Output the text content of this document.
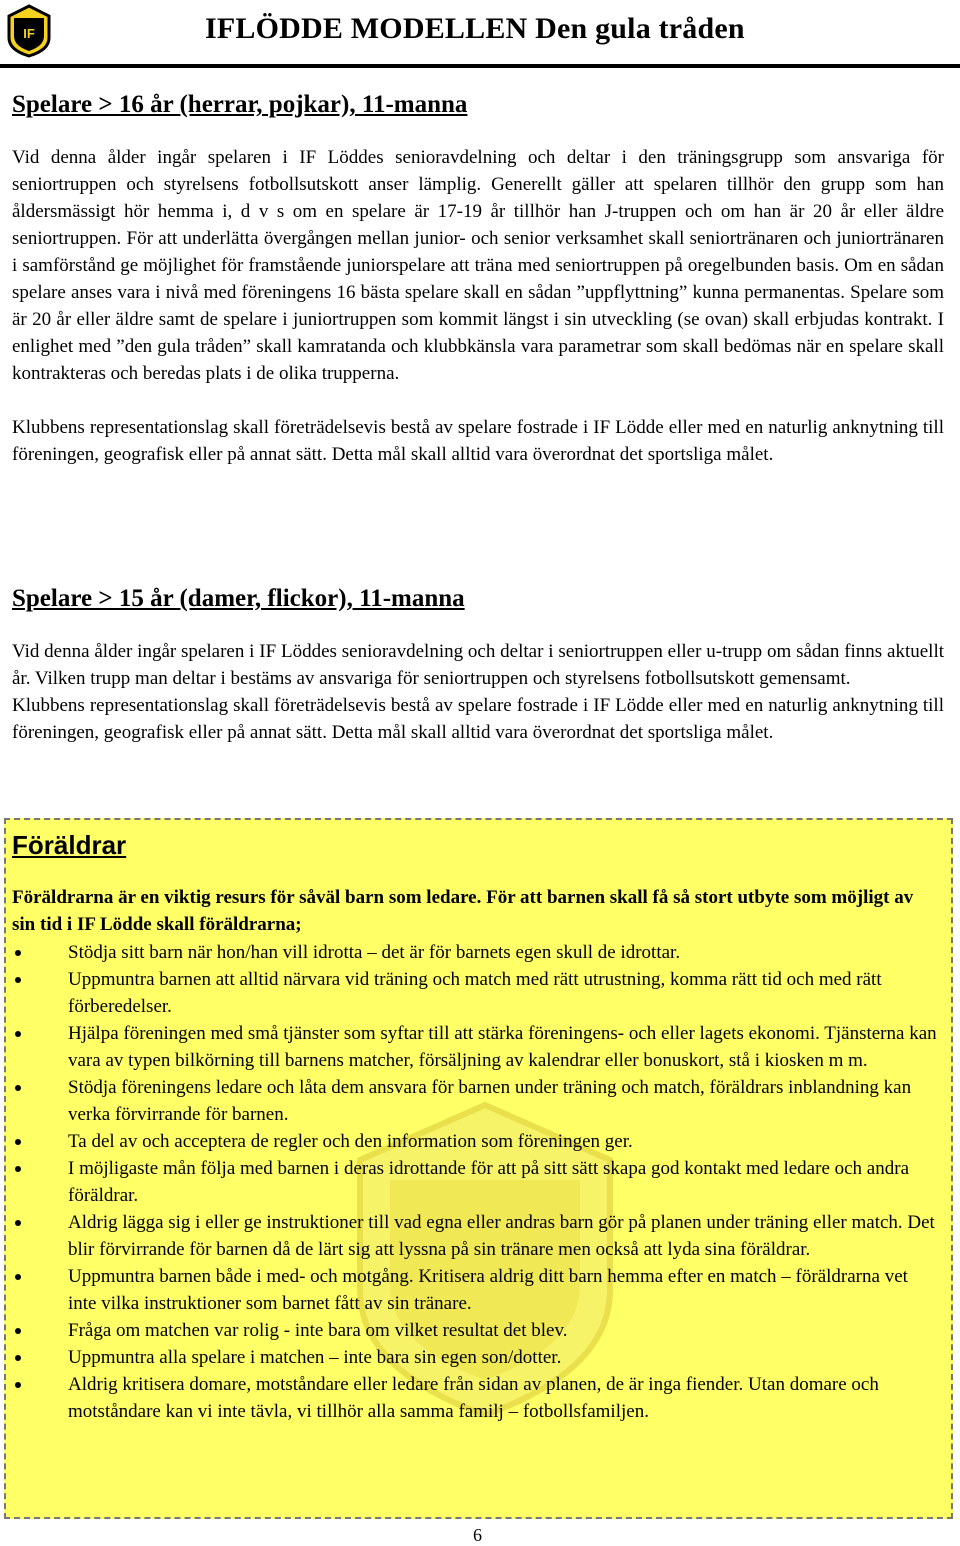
IF	IFLÖDDE MODELLEN Den gula tråden
Spelare > 16 år (herrar, pojkar), 11-manna

Vid denna ålder ingår spelaren i IF Löddes senioravdelning och deltar i den träningsgrupp som ansvariga för seniortruppen och styrelsens fotbollsutskott anser lämplig. Generellt gäller att spelaren tillhör den grupp som han åldersmässigt hör hemma i, d v s om en spelare är 17-19 år tillhör han J-truppen och om han är 20 år eller äldre seniortruppen. För att underlätta övergången mellan junior- och senior verksamhet skall seniortränaren och juniortränaren i samförstånd ge möjlighet för framstående juniorspelare att träna med seniortruppen på oregelbunden basis. Om en sådan spelare anses vara i nivå med föreningens 16 bästa spelare skall en sådan ”uppflyttning” kunna permanentas. Spelare som är 20 år eller äldre samt de spelare i juniortruppen som kommit längst i sin utveckling (se ovan) skall erbjudas kontrakt. I enlighet med ”den gula tråden” skall kamratanda och klubbkänsla vara parametrar som skall bedömas när en spelare skall kontrakteras och beredas plats i de olika trupperna.

Klubbens representationslag skall företrädelsevis bestå av spelare fostrade i IF Lödde eller med en naturlig anknytning till föreningen, geografisk eller på annat sätt. Detta mål skall alltid vara överordnat det sportsliga målet.

Spelare > 15 år (damer, flickor), 11-manna

Vid denna ålder ingår spelaren i IF Löddes senioravdelning och deltar i seniortruppen eller u-trupp om sådan finns aktuellt år. Vilken trupp man deltar i bestäms av ansvariga för seniortruppen och styrelsens fotbollsutskott gemensamt.

Klubbens representationslag skall företrädelsevis bestå av spelare fostrade i IF Lödde eller med en naturlig anknytning till föreningen, geografisk eller på annat sätt. Detta mål skall alltid vara överordnat det sportsliga målet.

Föräldrar

Föräldrarna är en viktig resurs för såväl barn som ledare. För att barnen skall få så stort utbyte som möjligt av sin tid i IF Lödde skall föräldrarna;

Stödja sitt barn när hon/han vill idrotta – det är för barnets egen skull de idrottar.
Uppmuntra barnen att alltid närvara vid träning och match med rätt utrustning, komma rätt tid och med rätt förberedelser.
Hjälpa föreningen med små tjänster som syftar till att stärka föreningens- och eller lagets ekonomi. Tjänsterna kan vara av typen bilkörning till barnens matcher, försäljning av kalendrar eller bonuskort, stå i kiosken m m.
Stödja föreningens ledare och låta dem ansvara för barnen under träning och match, föräldrars inblandning kan verka förvirrande för barnen.
Ta del av och acceptera de regler och den information som föreningen ger.
I möjligaste mån följa med barnen i deras idrottande för att på sitt sätt skapa god kontakt med ledare och andra föräldrar.
Aldrig lägga sig i eller ge instruktioner till vad egna eller andras barn gör på planen under träning eller match. Det blir förvirrande för barnen då de lärt sig att lyssna på sin tränare men också att lyda sina föräldrar.
Uppmuntra barnen både i med- och motgång. Kritisera aldrig ditt barn hemma efter en match – föräldrarna vet inte vilka instruktioner som barnet fått av sin tränare.
Fråga om matchen var rolig - inte bara om vilket resultat det blev.
Uppmuntra alla spelare i matchen – inte bara sin egen son/dotter.
Aldrig kritisera domare, motståndare eller ledare från sidan av planen, de är inga fiender. Utan domare och motståndare kan vi inte tävla, vi tillhör alla samma familj – fotbollsfamiljen.
6
